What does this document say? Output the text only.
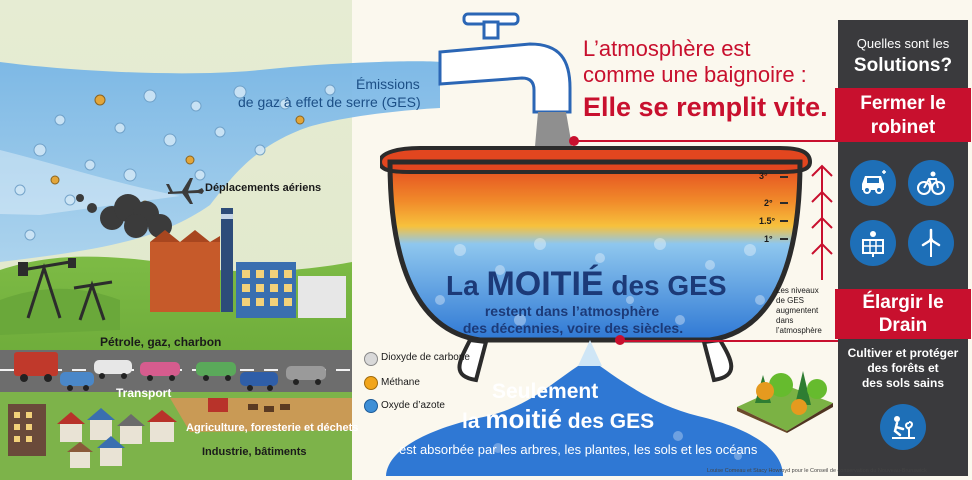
Émissions
de gaz à effet de serre (GES)
Déplacements aériens
Pétrole, gaz, charbon
Transport
Agriculture, foresterie et déchets
Industrie, bâtiments
L’atmosphère est
comme une baignoire :
Elle se remplit vite.
3°
2°
1.5°
1°
La MOITIÉ des GES
restent dans l’atmosphère
des décennies, voire des siècles.
Les niveaux
de GES
augmentent
dans
l’atmosphère
Dioxyde de carbone
Méthane
Oxyde d’azote
Seulement
la moitié des GES
est absorbée par les arbres, les plantes, les sols et les océans
Quelles sont les
Solutions?
Fermer le
robinet
Élargir le
Drain
Cultiver et protéger
des forêts et
des sols sains
Louise Comeau et Stacy Howroyd pour le Conseil de conservation du Nouveau-Brunswick
